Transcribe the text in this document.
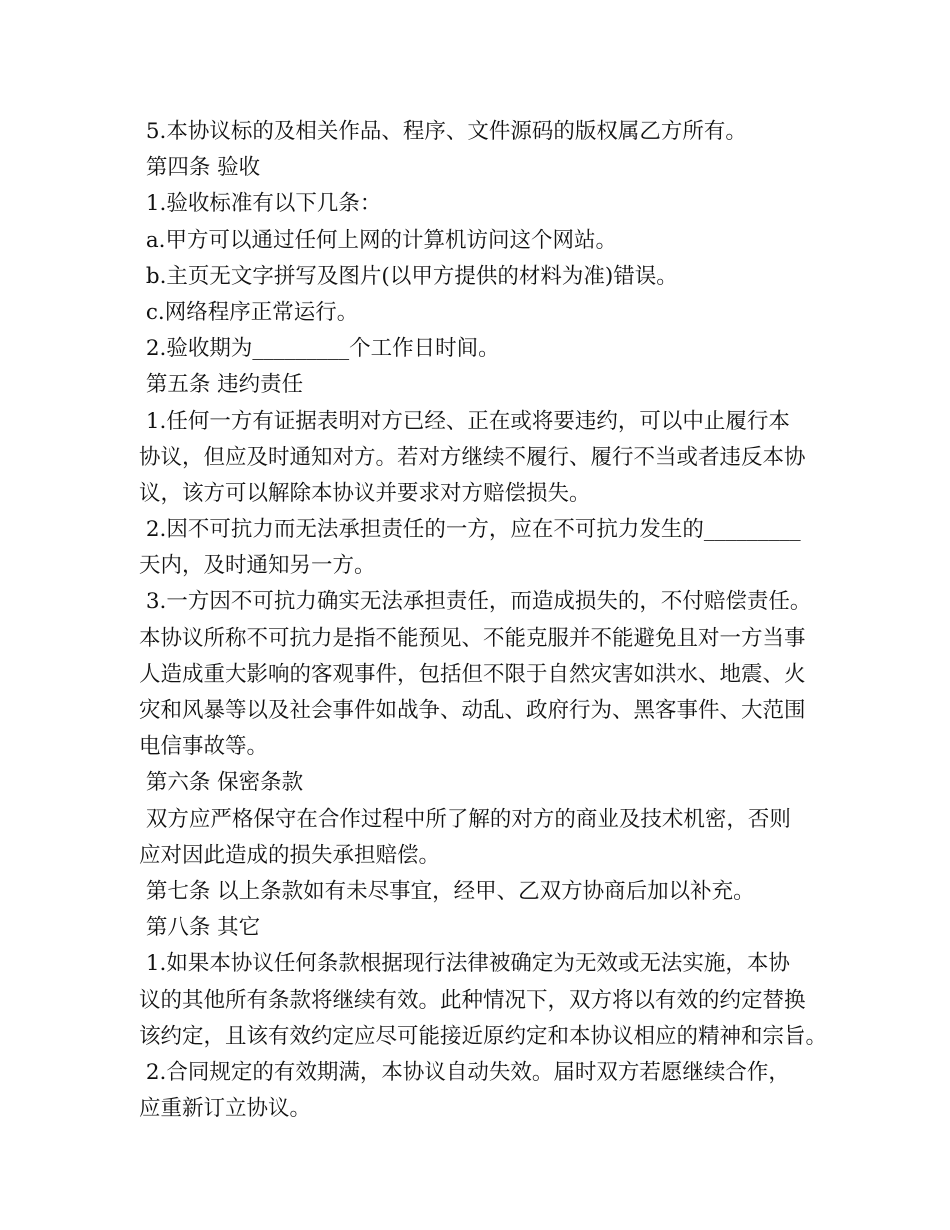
5.本协议标的及相关作品、程序、文件源码的版权属乙方所有。
第四条 验收
1.验收标准有以下几条：
a.甲方可以通过任何上网的计算机访问这个网站。
b.主页无文字拼写及图片(以甲方提供的材料为准)错误。
c.网络程序正常运行。
2.验收期为_________个工作日时间。
第五条 违约责任
1.任何一方有证据表明对方已经、正在或将要违约，可以中止履行本
协议，但应及时通知对方。若对方继续不履行、履行不当或者违反本协
议，该方可以解除本协议并要求对方赔偿损失。
2.因不可抗力而无法承担责任的一方，应在不可抗力发生的_________
天内，及时通知另一方。
3.一方因不可抗力确实无法承担责任，而造成损失的，不付赔偿责任。
本协议所称不可抗力是指不能预见、不能克服并不能避免且对一方当事
人造成重大影响的客观事件，包括但不限于自然灾害如洪水、地震、火
灾和风暴等以及社会事件如战争、动乱、政府行为、黑客事件、大范围
电信事故等。
第六条 保密条款
双方应严格保守在合作过程中所了解的对方的商业及技术机密，否则
应对因此造成的损失承担赔偿。
第七条 以上条款如有未尽事宜，经甲、乙双方协商后加以补充。
第八条 其它
1.如果本协议任何条款根据现行法律被确定为无效或无法实施，本协
议的其他所有条款将继续有效。此种情况下，双方将以有效的约定替换
该约定，且该有效约定应尽可能接近原约定和本协议相应的精神和宗旨。
2.合同规定的有效期满，本协议自动失效。届时双方若愿继续合作，
应重新订立协议。
